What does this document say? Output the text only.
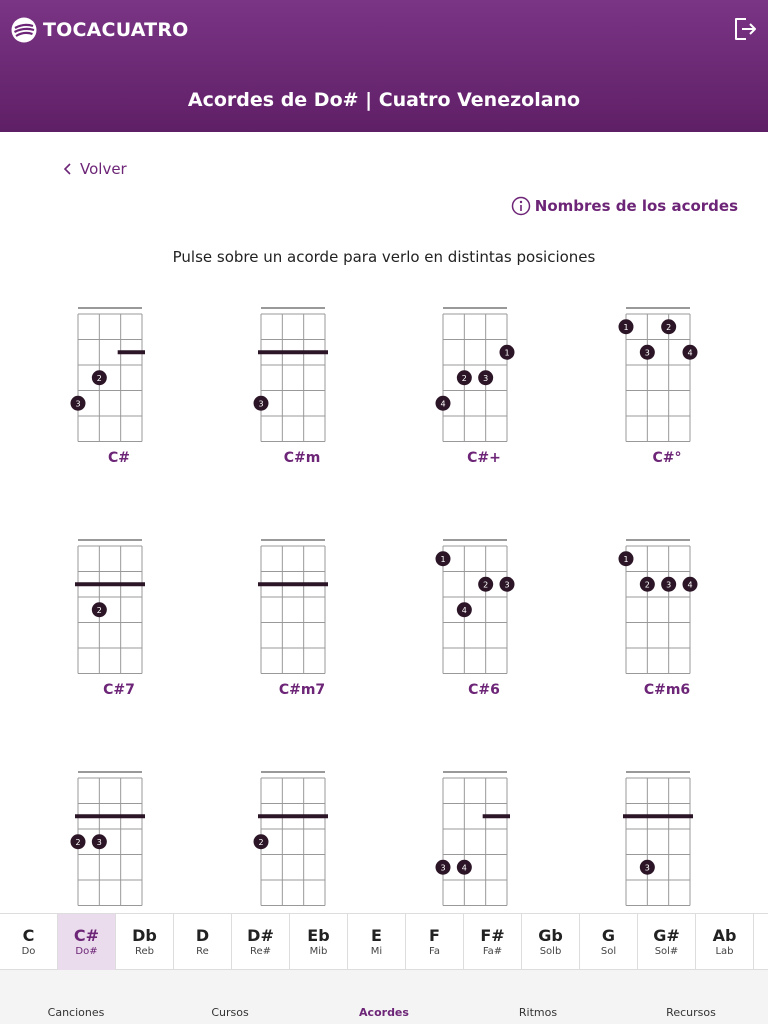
TOCACUATRO
Acordes de Do# | Cuatro Venezolano
Volver
Nombres de los acordes
Pulse sobre un acorde para verlo en distintas posiciones
2
3
C#
3
C#m
1
2 3
4
C#+
1	2
3	4
C#°
2
C#7	C#m7
1
2 3
4
C#6
1
2 3 4
C#m6
2 3	2
3 4	3
C
Do
C#
Do#
Db
Reb
D
Re
D#
Re#
Eb
Mib
E
Mi
F
Fa
F#
Fa#
Gb
Solb
G
Sol
G#
Sol#
Ab
Lab
Canciones	Cursos	Acordes	Ritmos	Recursos
